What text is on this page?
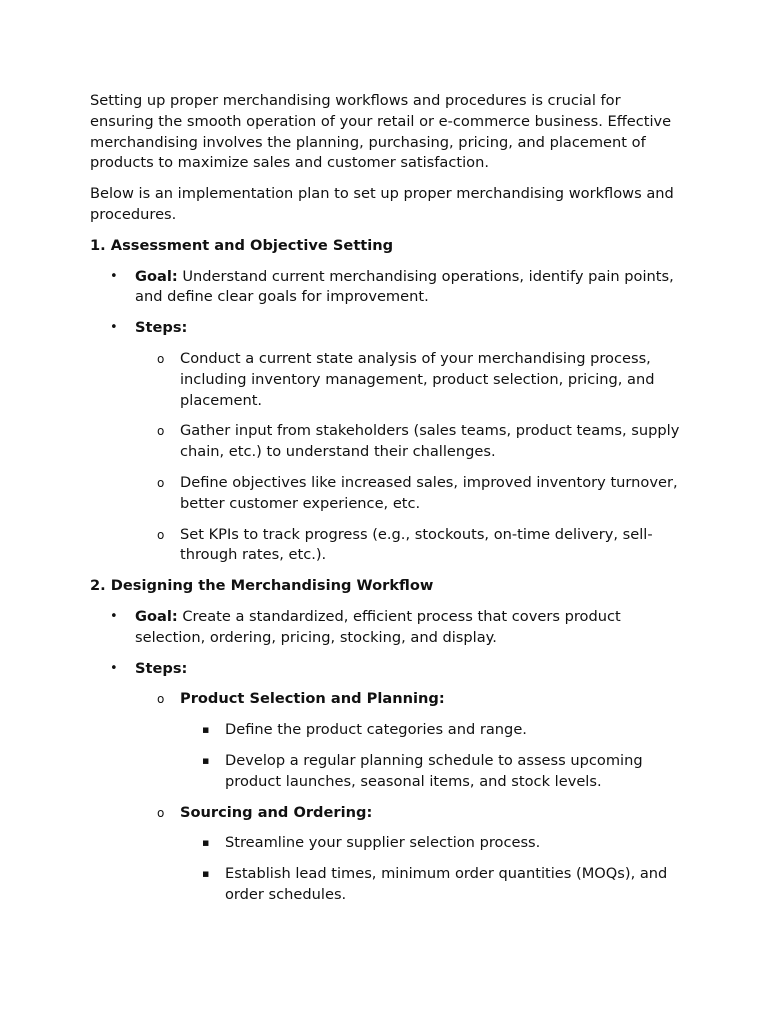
Setting up proper merchandising workflows and procedures is crucial for ensuring the smooth operation of your retail or e-commerce business. Effective merchandising involves the planning, purchasing, pricing, and placement of products to maximize sales and customer satisfaction.

Below is an implementation plan to set up proper merchandising workflows and procedures.

1. Assessment and Objective Setting

• Goal: Understand current merchandising operations, identify pain points, and define clear goals for improvement.
• Steps:
o Conduct a current state analysis of your merchandising process, including inventory management, product selection, pricing, and placement.
o Gather input from stakeholders (sales teams, product teams, supply chain, etc.) to understand their challenges.
o Define objectives like increased sales, improved inventory turnover, better customer experience, etc.
o Set KPIs to track progress (e.g., stockouts, on-time delivery, sell-through rates, etc.).

2. Designing the Merchandising Workflow

• Goal: Create a standardized, efficient process that covers product selection, ordering, pricing, stocking, and display.
• Steps:
o Product Selection and Planning:
▪ Define the product categories and range.
▪ Develop a regular planning schedule to assess upcoming product launches, seasonal items, and stock levels.
o Sourcing and Ordering:
▪ Streamline your supplier selection process.
▪ Establish lead times, minimum order quantities (MOQs), and order schedules.
